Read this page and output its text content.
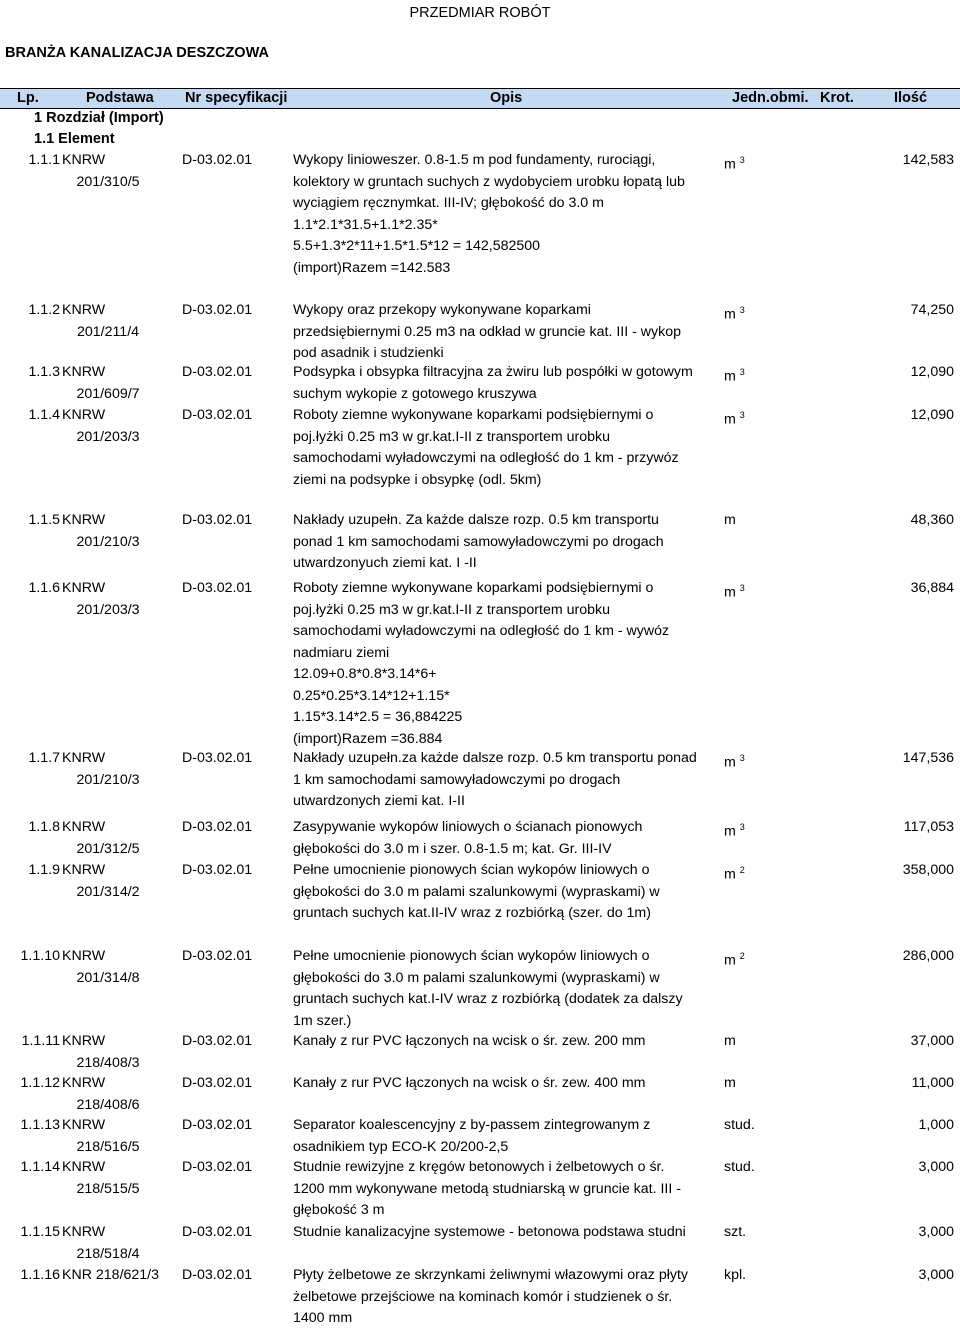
PRZEDMIAR ROBÓT
BRANŻA KANALIZACJA DESZCZOWA
Lp.	Podstawa Nr specyfikacji	Opis	Jedn.obmi. Krot.	Ilość
1 Rozdział (Import)
1.1 Element
1.1.1 KNRW
201/310/5
D-03.02.01	Wykopy linioweszer. 0.8-1.5 m pod fundamenty, rurociągi,
kolektory w gruntach suchych z wydobyciem urobku łopatą lub
wyciągiem ręcznymkat. III-IV; głębokość do 3.0 m
1.1*2.1*31.5+1.1*2.35*
5.5+1.3*2*11+1.5*1.5*12 = 142,582500
(import)Razem =142.583
m $^3$	142,583
1.1.2 KNRW
201/211/4
D-03.02.01	Wykopy oraz przekopy wykonywane koparkami
przedsiębiernymi 0.25 m3 na odkład w gruncie kat. III - wykop
pod asadnik i studzienki
m $^3$	74,250
1.1.3 KNRW
201/609/7
D-03.02.01	Podsypka i obsypka filtracyjna za żwiru lub pospółki w gotowym
suchym wykopie z gotowego kruszywa
m $^3$	12,090
1.1.4 KNRW
201/203/3
D-03.02.01	Roboty ziemne wykonywane koparkami podsiębiernymi o
poj.łyżki 0.25 m3 w gr.kat.I-II z transportem urobku
samochodami wyładowczymi na odległość do 1 km - przywóz
ziemi na podsypke i obsypkę (odl. 5km)
m $^3$	12,090
1.1.5 KNRW
201/210/3
D-03.02.01	Nakłady uzupełn. Za każde dalsze rozp. 0.5 km transportu
ponad 1 km samochodami samowyładowczymi po drogach
utwardzonyuch ziemi kat. I -II
m	48,360
1.1.6 KNRW
201/203/3
D-03.02.01	Roboty ziemne wykonywane koparkami podsiębiernymi o
poj.łyżki 0.25 m3 w gr.kat.I-II z transportem urobku
samochodami wyładowczymi na odległość do 1 km - wywóz
nadmiaru ziemi
12.09+0.8*0.8*3.14*6+
0.25*0.25*3.14*12+1.15*
1.15*3.14*2.5 = 36,884225
(import)Razem =36.884
m $^3$	36,884
1.1.7 KNRW
201/210/3
D-03.02.01	Nakłady uzupełn.za każde dalsze rozp. 0.5 km transportu ponad
1 km samochodami samowyładowczymi po drogach
utwardzonych ziemi kat. I-II
m $^3$	147,536
1.1.8 KNRW
201/312/5
D-03.02.01	Zasypywanie wykopów liniowych o ścianach pionowych
głębokości do 3.0 m i szer. 0.8-1.5 m; kat. Gr. III-IV
m $^3$	117,053
1.1.9 KNRW
201/314/2
D-03.02.01	Pełne umocnienie pionowych ścian wykopów liniowych o
głębokości do 3.0 m palami szalunkowymi (wypraskami) w
gruntach suchych kat.II-IV wraz z rozbiórką (szer. do 1m)
m $^2$	358,000
1.1.10 KNRW
201/314/8
D-03.02.01	Pełne umocnienie pionowych ścian wykopów liniowych o
głębokości do 3.0 m palami szalunkowymi (wypraskami) w
gruntach suchych kat.I-IV wraz z rozbiórką (dodatek za dalszy
1m szer.)
m $^2$	286,000
1.1.11 KNRW
218/408/3
D-03.02.01	Kanały z rur PVC łączonych na wcisk o śr. zew. 200 mm	m	37,000
1.1.12 KNRW
218/408/6
D-03.02.01	Kanały z rur PVC łączonych na wcisk o śr. zew. 400 mm	m	11,000
1.1.13 KNRW
218/516/5
D-03.02.01	Separator koalescencyjny z by-passem zintegrowanym z
osadnikiem typ ECO-K 20/200-2,5
stud.	1,000
1.1.14 KNRW
218/515/5
D-03.02.01	Studnie rewizyjne z kręgów betonowych i żelbetowych o śr.
1200 mm wykonywane metodą studniarską w gruncie kat. III -
głębokość 3 m
stud.	3,000
1.1.15 KNRW
218/518/4
D-03.02.01	Studnie kanalizacyjne systemowe - betonowa podstawa studni	szt.	3,000
1.1.16 KNR 218/621/3	D-03.02.01	Płyty żelbetowe ze skrzynkami żeliwnymi włazowymi oraz płyty
żelbetowe przejściowe na kominach komór i studzienek o śr.
1400 mm
kpl.	3,000
